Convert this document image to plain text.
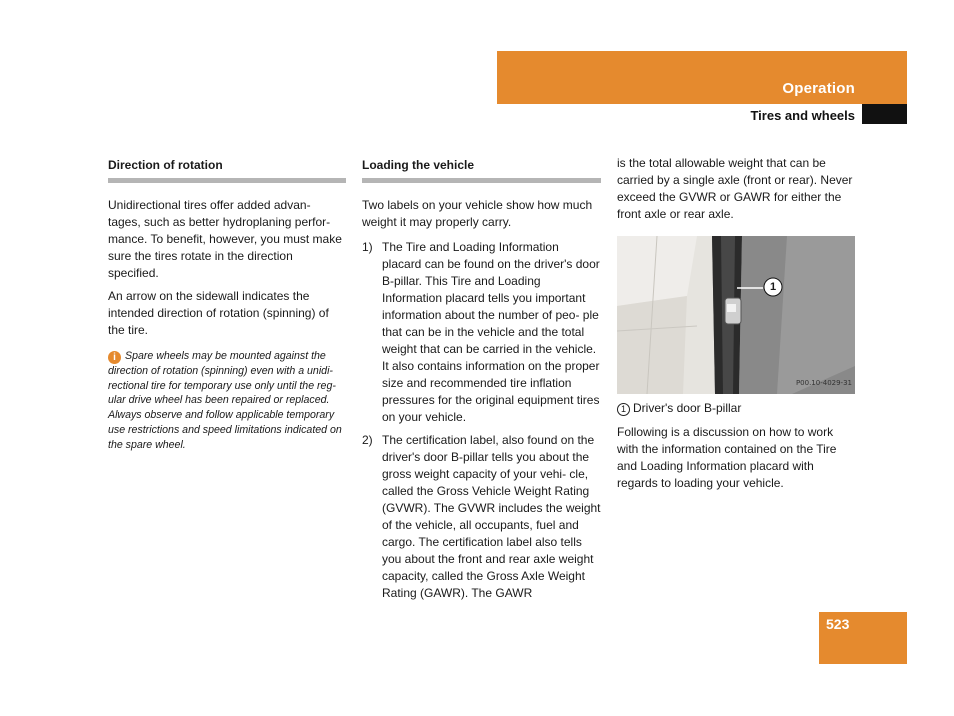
Operation
Tires and wheels
Direction of rotation

Unidirectional tires offer added advan- tages, such as better hydroplaning perfor- mance. To benefit, however, you must make sure the tires rotate in the direction specified.

An arrow on the sidewall indicates the intended direction of rotation (spinning) of the tire.

i Spare wheels may be mounted against the direction of rotation (spinning) even with a unidi- rectional tire for temporary use only until the reg- ular drive wheel has been repaired or replaced. Always observe and follow applicable temporary use restrictions and speed limitations indicated on the spare wheel.
Loading the vehicle

Two labels on your vehicle show how much weight it may properly carry.

1) The Tire and Loading Information placard can be found on the driver's door B-pillar. This Tire and Loading Information placard tells you important information about the number of peo- ple that can be in the vehicle and the total weight that can be carried in the vehicle. It also contains information on the proper size and recommended tire inflation pressures for the original equipment tires on your vehicle.
2) The certification label, also found on the driver's door B-pillar tells you about the gross weight capacity of your vehi- cle, called the Gross Vehicle Weight Rating (GVWR). The GVWR includes the weight of the vehicle, all occupants, fuel and cargo. The certification label also tells you about the front and rear axle weight capacity, called the Gross Axle Weight Rating (GAWR). The GAWR

is the total allowable weight that can be carried by a single axle (front or rear). Never exceed the GVWR or GAWR for either the front axle or rear axle.

1
P00.10-4029-31
1 Driver's door B-pillar

Following is a discussion on how to work with the information contained on the Tire and Loading Information placard with regards to loading your vehicle.

523
